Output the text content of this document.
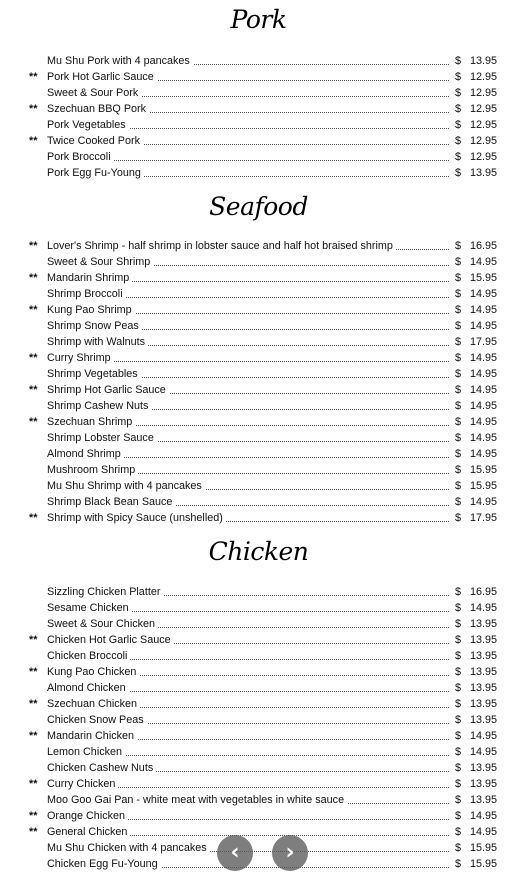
Pork
Mu Shu Pork with 4 pancakes	$ 13.95
** Pork Hot Garlic Sauce	$ 12.95
Sweet & Sour Pork	$ 12.95
** Szechuan BBQ Pork	$ 12.95
Pork Vegetables	$ 12.95
** Twice Cooked Pork	$ 12.95
Pork Broccoli	$ 12.95
Pork Egg Fu-Young	$ 13.95
Seafood
** Lover's Shrimp - half shrimp in lobster sauce and half hot braised shrimp	$ 16.95
Sweet & Sour Shrimp	$ 14.95
** Mandarin Shrimp	$ 15.95
Shrimp Broccoli	$ 14.95
** Kung Pao Shrimp	$ 14.95
Shrimp Snow Peas	$ 14.95
Shrimp with Walnuts	$ 17.95
** Curry Shrimp	$ 14.95
Shrimp Vegetables	$ 14.95
** Shrimp Hot Garlic Sauce	$ 14.95
Shrimp Cashew Nuts	$ 14.95
** Szechuan Shrimp	$ 14.95
Shrimp Lobster Sauce	$ 14.95
Almond Shrimp	$ 14.95
Mushroom Shrimp	$ 15.95
Mu Shu Shrimp with 4 pancakes	$ 15.95
Shrimp Black Bean Sauce	$ 14.95
** Shrimp with Spicy Sauce (unshelled)	$ 17.95
Chicken
Sizzling Chicken Platter	$ 16.95
Sesame Chicken	$ 14.95
Sweet & Sour Chicken	$ 13.95
** Chicken Hot Garlic Sauce	$ 13.95
Chicken Broccoli	$ 13.95
** Kung Pao Chicken	$ 13.95
Almond Chicken	$ 13.95
** Szechuan Chicken	$ 13.95
Chicken Snow Peas	$ 13.95
** Mandarin Chicken	$ 14.95
Lemon Chicken	$ 14.95
Chicken Cashew Nuts	$ 13.95
** Curry Chicken	$ 13.95
Moo Goo Gai Pan - white meat with vegetables in white sauce	$ 13.95
** Orange Chicken	$ 14.95
** General Chicken	$ 14.95
Mu Shu Chicken with 4 pancakes	$ 15.95
Chicken Egg Fu-Young	$ 15.95
‹	›
